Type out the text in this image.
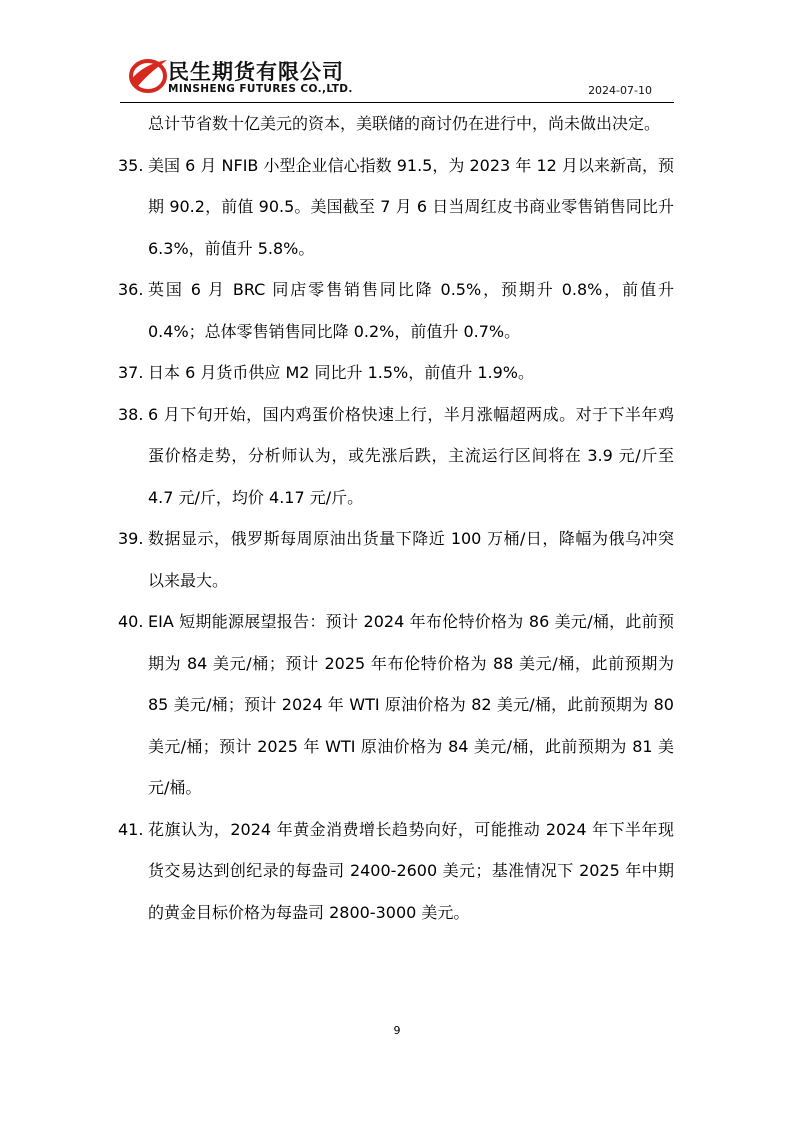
民生期货有限公司
MINSHENG FUTURES CO.,LTD.	2024-07-10

总计节省数十亿美元的资本，美联储的商讨仍在进行中，尚未做出决定。

35. 美国 6 月 NFIB 小型企业信心指数 91.5，为 2023 年 12 月以来新高，预期 90.2，前值 90.5。美国截至 7 月 6 日当周红皮书商业零售销售同比升 6.3%，前值升 5.8%。
36. 英国 6 月 BRC 同店零售销售同比降 0.5%，预期升 0.8%，前值升 0.4%；总体零售销售同比降 0.2%，前值升 0.7%。
37. 日本 6 月货币供应 M2 同比升 1.5%，前值升 1.9%。
38. 6 月下旬开始，国内鸡蛋价格快速上行，半月涨幅超两成。对于下半年鸡蛋价格走势，分析师认为，或先涨后跌，主流运行区间将在 3.9 元/斤至 4.7 元/斤，均价 4.17 元/斤。
39. 数据显示，俄罗斯每周原油出货量下降近 100 万桶/日，降幅为俄乌冲突以来最大。
40. EIA 短期能源展望报告：预计 2024 年布伦特价格为 86 美元/桶，此前预期为 84 美元/桶；预计 2025 年布伦特价格为 88 美元/桶，此前预期为 85 美元/桶；预计 2024 年 WTI 原油价格为 82 美元/桶，此前预期为 80 美元/桶；预计 2025 年 WTI 原油价格为 84 美元/桶，此前预期为 81 美元/桶。
41. 花旗认为，2024 年黄金消费增长趋势向好，可能推动 2024 年下半年现货交易达到创纪录的每盎司 2400-2600 美元；基准情况下 2025 年中期的黄金目标价格为每盎司 2800-3000 美元。
9
